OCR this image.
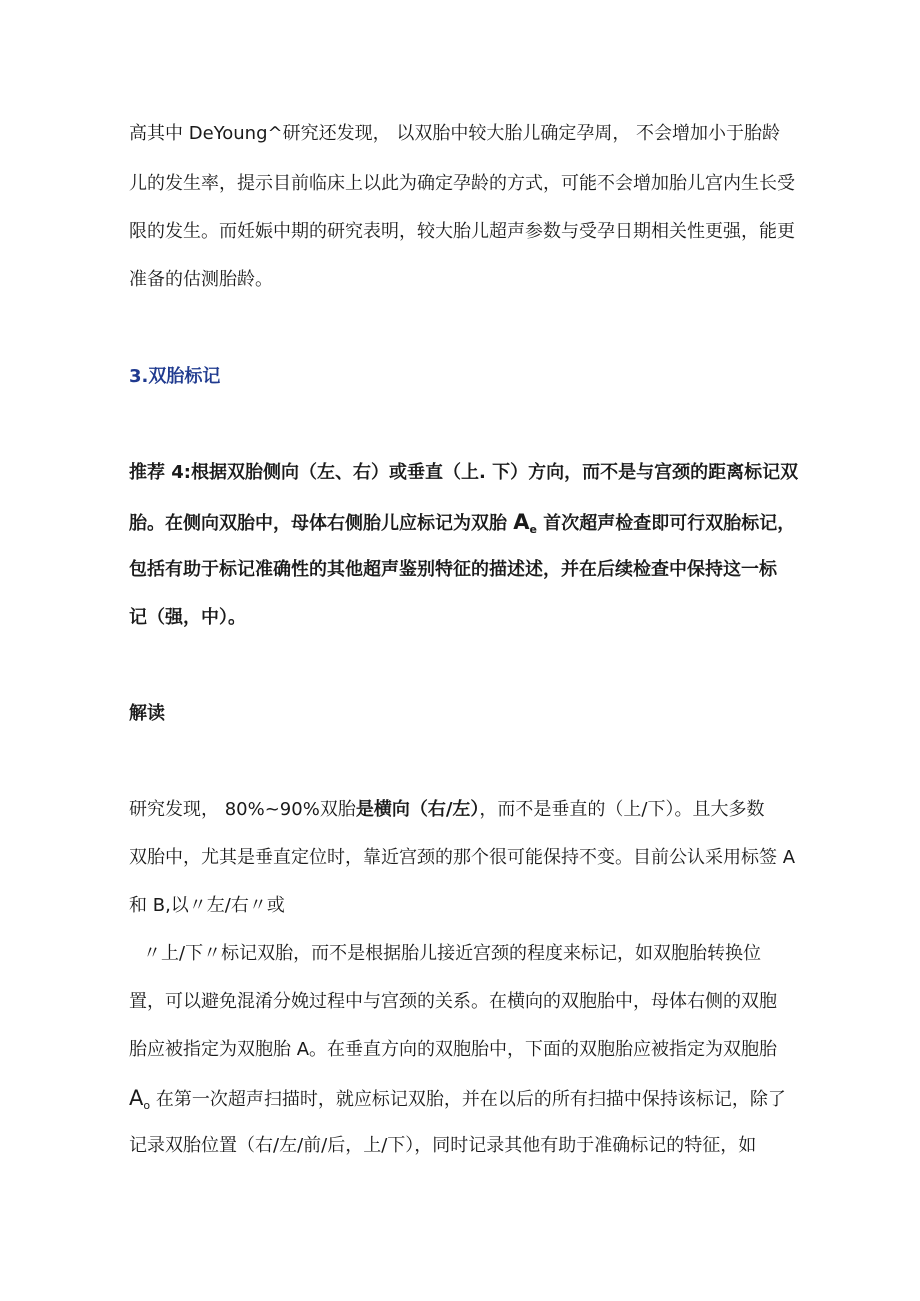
高其中 DeYoung^研究还发现， 以双胎中较大胎儿确定孕周， 不会增加小于胎龄

儿的发生率，提示目前临床上以此为确定孕龄的方式，可能不会增加胎儿宫内生长受

限的发生。而妊娠中期的研究表明，较大胎儿超声参数与受孕日期相关性更强，能更

准备的估测胎龄。

3.双胎标记

推荐 4:根据双胎侧向（左、右）或垂直（上. 下）方向，而不是与宫颈的距离标记双

胎。在侧向双胎中，母体右侧胎儿应标记为双胎 $A_e$ 首次超声检查即可行双胎标记，

包括有助于标记准确性的其他超声鉴别特征的描述述，并在后续检查中保持这一标

记（强，中）。

解读

研究发现， 80%~90%双胎是横向（右/左），而不是垂直的（上/下）。且大多数

双胎中，尤其是垂直定位时，靠近宫颈的那个很可能保持不变。目前公认采用标签 A

和 B,以〃左/右〃或

〃上/下〃标记双胎，而不是根据胎儿接近宫颈的程度来标记，如双胞胎转换位

置，可以避免混淆分娩过程中与宫颈的关系。在横向的双胞胎中，母体右侧的双胞

胎应被指定为双胞胎 A。在垂直方向的双胞胎中，下面的双胞胎应被指定为双胞胎

$A_o$ 在第一次超声扫描时，就应标记双胎，并在以后的所有扫描中保持该标记，除了

记录双胎位置（右/左/前/后，上/下），同时记录其他有助于准确标记的特征，如
